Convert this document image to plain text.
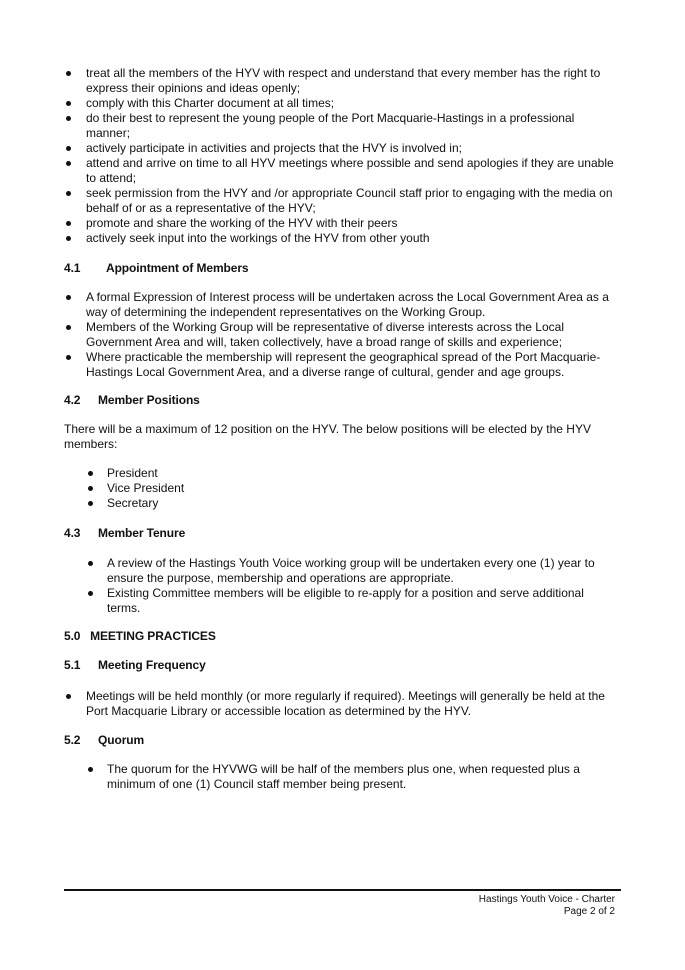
treat all the members of the HYV with respect and understand that every member has the right to express their opinions and ideas openly;
comply with this Charter document at all times;
do their best to represent the young people of the Port Macquarie-Hastings in a professional manner;
actively participate in activities and projects that the HVY is involved in;
attend and arrive on time to all HYV meetings where possible and send apologies if they are unable to attend;
seek permission from the HVY and /or appropriate Council staff prior to engaging with the media on behalf of or as a representative of the HYV;
promote and share the working of the HYV with their peers
actively seek input into the workings of the HYV from other youth
4.1 Appointment of Members
A formal Expression of Interest process will be undertaken across the Local Government Area as a way of determining the independent representatives on the Working Group.
Members of the Working Group will be representative of diverse interests across the Local Government Area and will, taken collectively, have a broad range of skills and experience;
Where practicable the membership will represent the geographical spread of the Port Macquarie-Hastings Local Government Area, and a diverse range of cultural, gender and age groups.
4.2 Member Positions
There will be a maximum of 12 position on the HYV. The below positions will be elected by the HYV members:
President
Vice President
Secretary
4.3 Member Tenure
A review of the Hastings Youth Voice working group will be undertaken every one (1) year to ensure the purpose, membership and operations are appropriate.
Existing Committee members will be eligible to re-apply for a position and serve additional terms.
5.0   MEETING PRACTICES
5.1 Meeting Frequency
Meetings will be held monthly (or more regularly if required). Meetings will generally be held at the Port Macquarie Library or accessible location as determined by the HYV.
5.2 Quorum
The quorum for the HYVWG will be half of the members plus one, when requested plus a minimum of one (1) Council staff member being present.
Hastings Youth Voice - Charter
Page 2 of 2
